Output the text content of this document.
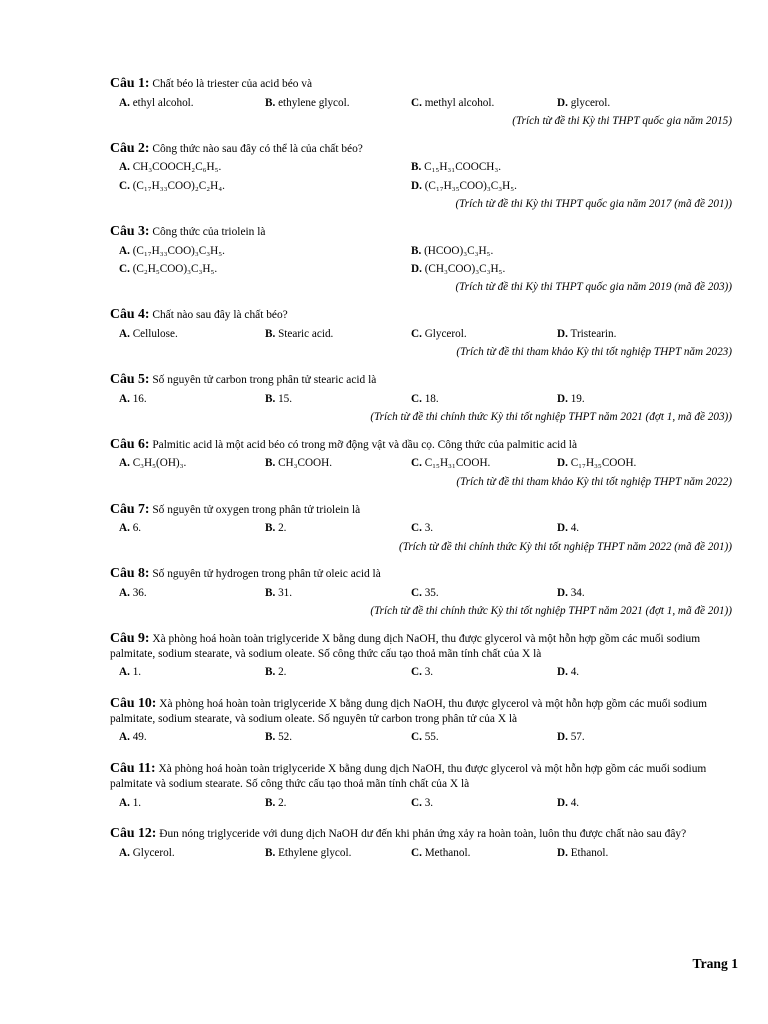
Câu 1: Chất béo là triester của acid béo và
A. ethyl alcohol.	B. ethylene glycol.	C. methyl alcohol.	D. glycerol.
(Trích từ đề thi Kỳ thi THPT quốc gia năm 2015)
Câu 2: Công thức nào sau đây có thể là của chất béo?
A. CH₃COOCH₂C₆H₅.	B. C₁₅H₃₁COOCH₃.
C. (C₁₇H₃₃COO)₂C₂H₄.	D. (C₁₇H₃₅COO)₃C₃H₅.
(Trích từ đề thi Kỳ thi THPT quốc gia năm 2017 (mã đề 201))
Câu 3: Công thức của triolein là
A. (C₁₇H₃₃COO)₃C₃H₅.	B. (HCOO)₃C₃H₅.
C. (C₂H₅COO)₃C₃H₅.	D. (CH₃COO)₃C₃H₅.
(Trích từ đề thi Kỳ thi THPT quốc gia năm 2019 (mã đề 203))
Câu 4: Chất nào sau đây là chất béo?
A. Cellulose.	B. Stearic acid.	C. Glycerol.	D. Tristearin.
(Trích từ đề thi tham khảo Kỳ thi tốt nghiệp THPT năm 2023)
Câu 5: Số nguyên tử carbon trong phân tử stearic acid là
A. 16.	B. 15.	C. 18.	D. 19.
(Trích từ đề thi chính thức Kỳ thi tốt nghiệp THPT năm 2021 (đợt 1, mã đề 203))
Câu 6: Palmitic acid là một acid béo có trong mỡ động vật và dầu cọ. Công thức của palmitic acid là
A. C₃H₅(OH)₃.	B. CH₃COOH.	C. C₁₅H₃₁COOH.	D. C₁₇H₃₅COOH.
(Trích từ đề thi tham khảo Kỳ thi tốt nghiệp THPT năm 2022)
Câu 7: Số nguyên tử oxygen trong phân tử triolein là
A. 6.	B. 2.	C. 3.	D. 4.
(Trích từ đề thi chính thức Kỳ thi tốt nghiệp THPT năm 2022 (mã đề 201))
Câu 8: Số nguyên tử hydrogen trong phân tử oleic acid là
A. 36.	B. 31.	C. 35.	D. 34.
(Trích từ đề thi chính thức Kỳ thi tốt nghiệp THPT năm 2021 (đợt 1, mã đề 201))
Câu 9: Xà phòng hoá hoàn toàn triglyceride X bằng dung dịch NaOH, thu được glycerol và một hỗn hợp gồm các muối sodium palmitate, sodium stearate, và sodium oleate. Số công thức cấu tạo thoả mãn tính chất của X là
A. 1.	B. 2.	C. 3.	D. 4.
Câu 10: Xà phòng hoá hoàn toàn triglyceride X bằng dung dịch NaOH, thu được glycerol và một hỗn hợp gồm các muối sodium palmitate, sodium stearate, và sodium oleate. Số nguyên tử carbon trong phân tử của X là
A. 49.	B. 52.	C. 55.	D. 57.
Câu 11: Xà phòng hoá hoàn toàn triglyceride X bằng dung dịch NaOH, thu được glycerol và một hỗn hợp gồm các muối sodium palmitate và sodium stearate. Số công thức cấu tạo thoả mãn tính chất của X là
A. 1.	B. 2.	C. 3.	D. 4.
Câu 12: Đun nóng triglyceride với dung dịch NaOH dư đến khi phản ứng xảy ra hoàn toàn, luôn thu được chất nào sau đây?
A. Glycerol.	B. Ethylene glycol.	C. Methanol.	D. Ethanol.
Trang 1
